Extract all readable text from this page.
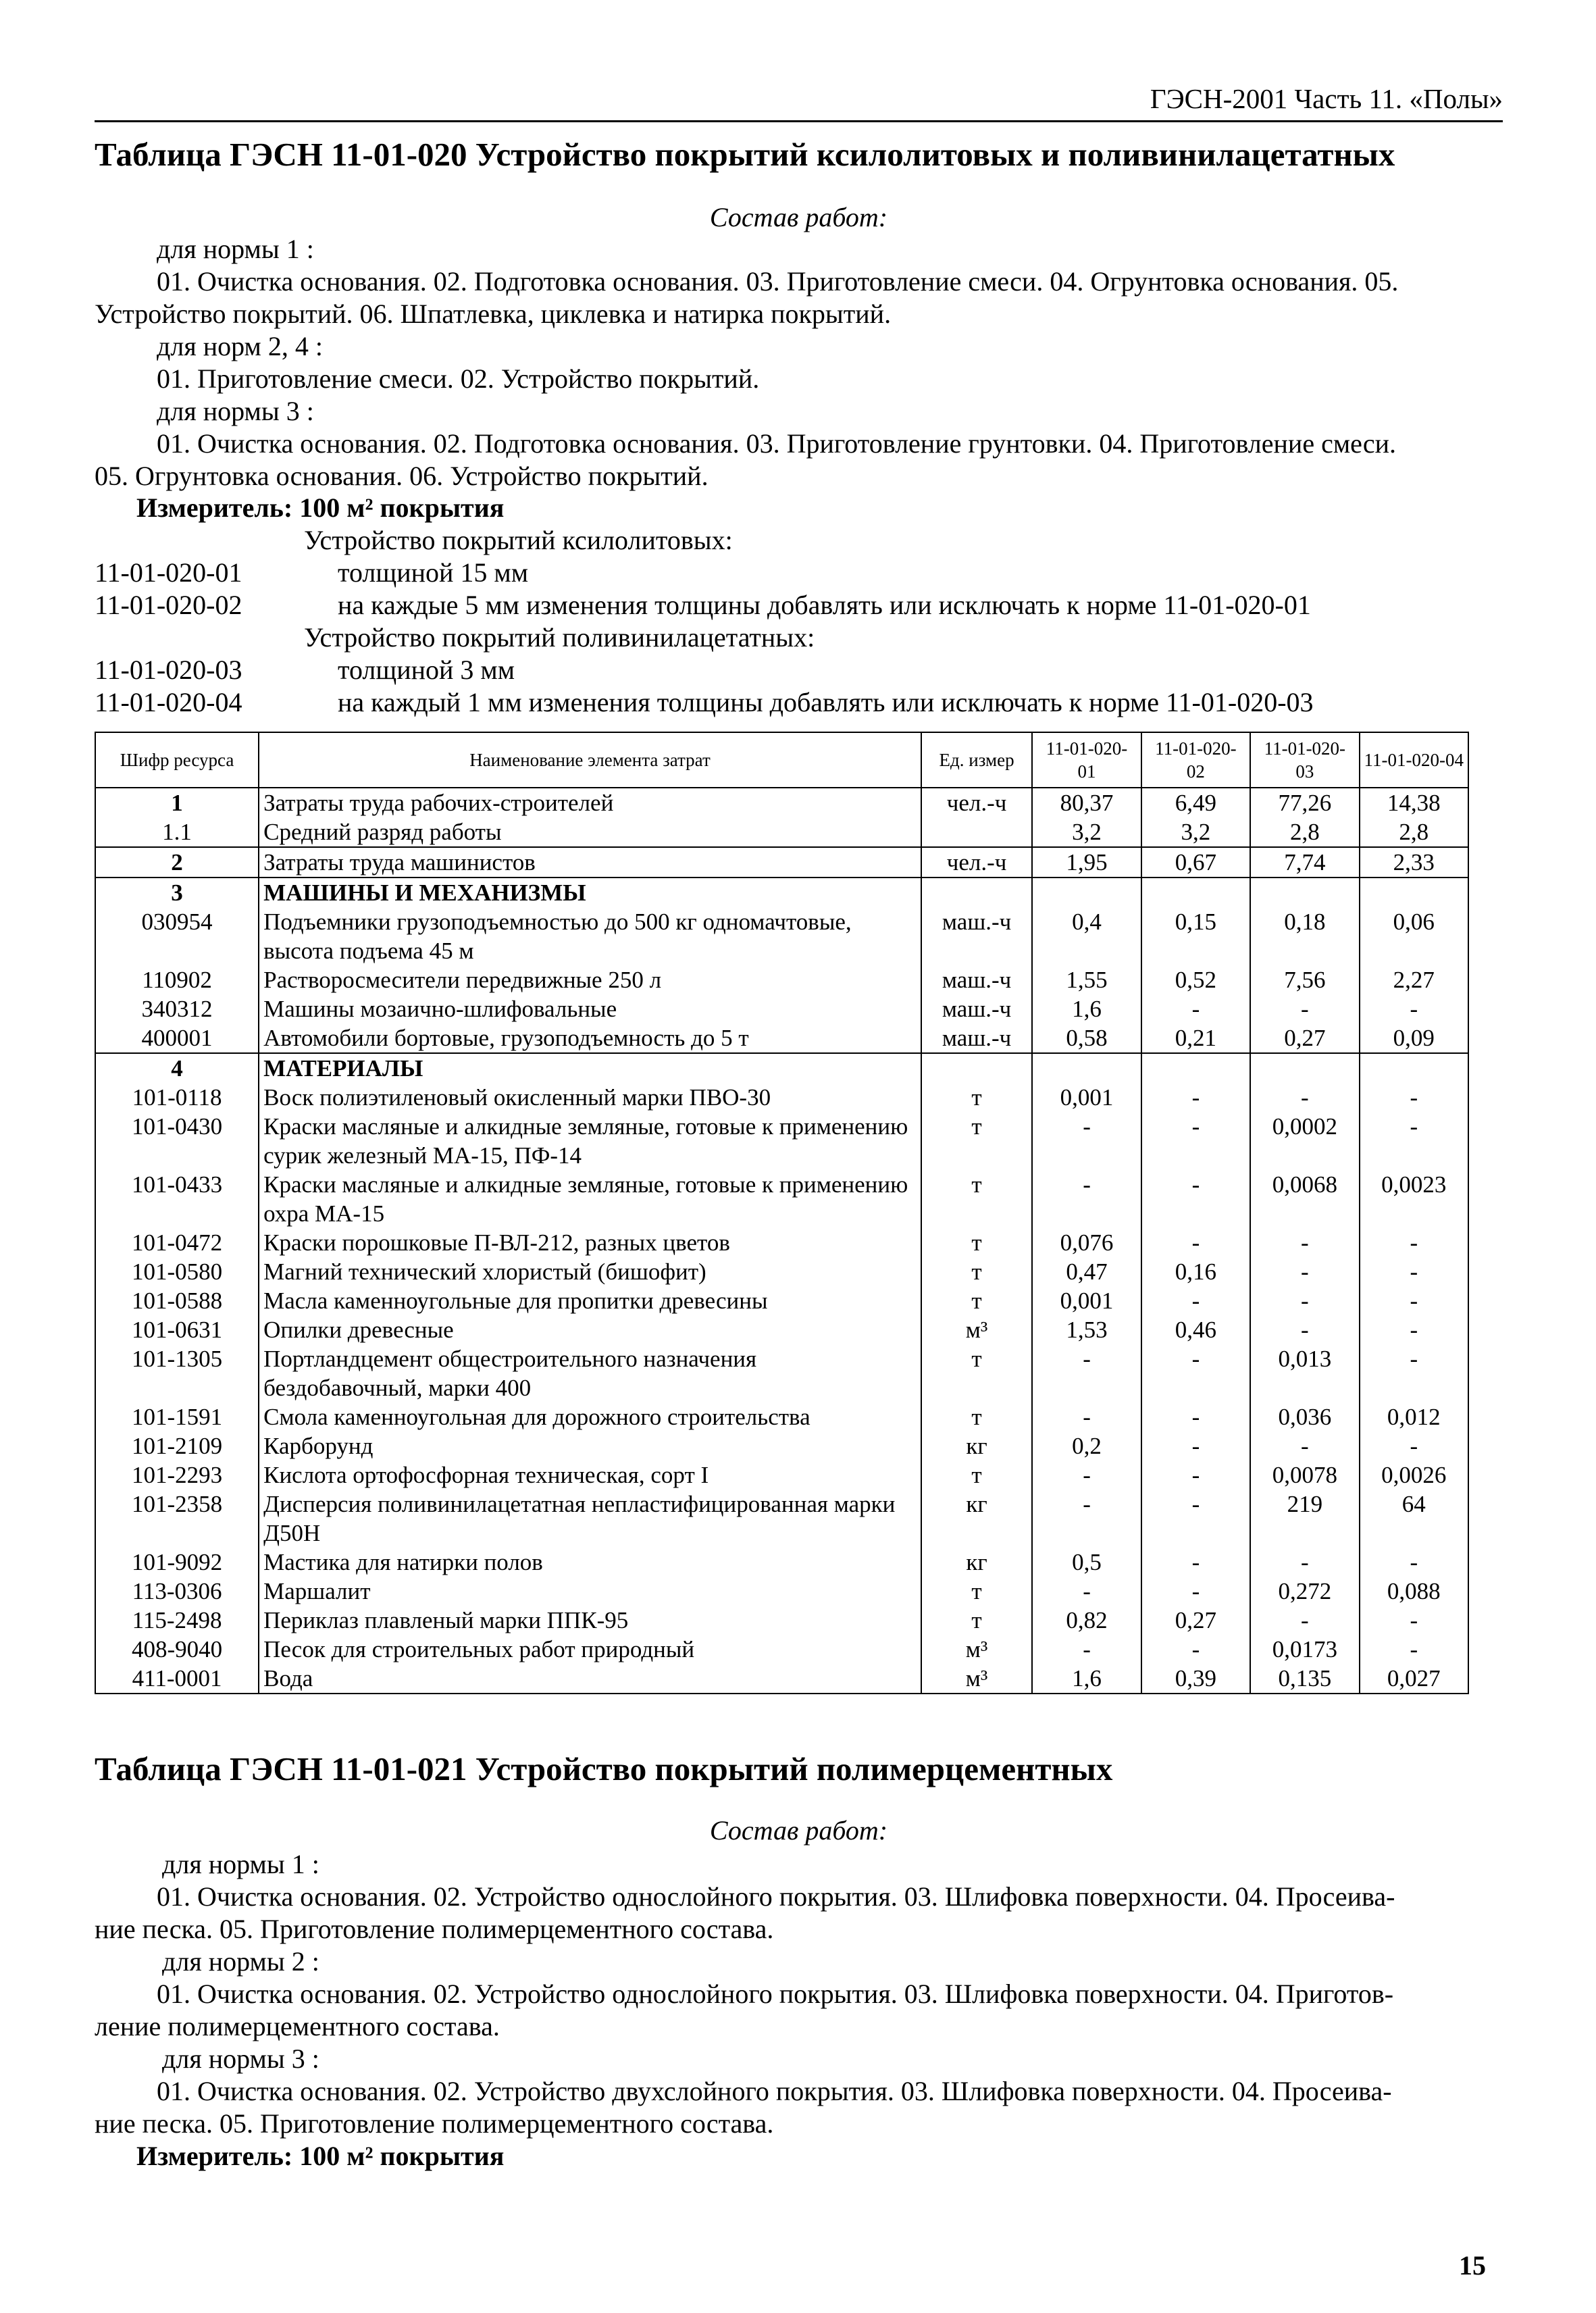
ГЭСН-2001 Часть 11. «Полы»
Таблица ГЭСН 11-01-020 Устройство покрытий ксилолитовых и поливинилацетатных
Состав работ:
для нормы 1 :
01. Очистка основания. 02. Подготовка основания. 03. Приготовление смеси. 04. Огрунтовка основания. 05.
Устройство покрытий. 06. Шпатлевка, циклевка и натирка покрытий.
для норм 2, 4 :
01. Приготовление смеси. 02. Устройство покрытий.
для нормы 3 :
01. Очистка основания. 02. Подготовка основания. 03. Приготовление грунтовки. 04. Приготовление смеси.
05. Огрунтовка основания. 06. Устройство покрытий.
Измеритель: 100 м² покрытия
Устройство покрытий ксилолитовых:
11-01-020-01	толщиной 15 мм
11-01-020-02	на каждые 5 мм изменения толщины добавлять или исключать к норме 11-01-020-01
Устройство покрытий поливинилацетатных:
11-01-020-03	толщиной 3 мм
11-01-020-04	на каждый 1 мм изменения толщины добавлять или исключать к норме 11-01-020-03
Шифр ресурса	Наименование элемента затрат	Ед. измер	11-01-020-01	11-01-020-02	11-01-020-03	11-01-020-04
1	Затраты труда рабочих-строителей	чел.-ч	80,37	6,49	77,26	14,38
1.1	Средний разряд работы		3,2	3,2	2,8	2,8
2	Затраты труда машинистов	чел.-ч	1,95	0,67	7,74	2,33
3	МАШИНЫ И МЕХАНИЗМЫ					
030954	Подъемники грузоподъемностью до 500 кг одномачтовые, высота подъема 45 м	маш.-ч	0,4	0,15	0,18	0,06
110902	Растворосмесители передвижные 250 л	маш.-ч	1,55	0,52	7,56	2,27
340312	Машины мозаично-шлифовальные	маш.-ч	1,6	-	-	-
400001	Автомобили бортовые, грузоподъемность до 5 т	маш.-ч	0,58	0,21	0,27	0,09
4	МАТЕРИАЛЫ					
101-0118	Воск полиэтиленовый окисленный марки ПВО-30	т	0,001	-	-	-
101-0430	Краски масляные и алкидные земляные, готовые к применению сурик железный МА-15, ПФ-14	т	-	-	0,0002	-
101-0433	Краски масляные и алкидные земляные, готовые к применению охра МА-15	т	-	-	0,0068	0,0023
101-0472	Краски порошковые П-ВЛ-212, разных цветов	т	0,076	-	-	-
101-0580	Магний технический хлористый (бишофит)	т	0,47	0,16	-	-
101-0588	Масла каменноугольные для пропитки древесины	т	0,001	-	-	-
101-0631	Опилки древесные	м³	1,53	0,46	-	-
101-1305	Портландцемент общестроительного назначения бездобавочный, марки 400	т	-	-	0,013	-
101-1591	Смола каменноугольная для дорожного строительства	т	-	-	0,036	0,012
101-2109	Карборунд	кг	0,2	-	-	-
101-2293	Кислота ортофосфорная техническая, сорт I	т	-	-	0,0078	0,0026
101-2358	Дисперсия поливинилацетатная непластифицированная марки Д50Н	кг	-	-	219	64
101-9092	Мастика для натирки полов	кг	0,5	-	-	-
113-0306	Маршалит	т	-	-	0,272	0,088
115-2498	Периклаз плавленый марки ППК-95	т	0,82	0,27	-	-
408-9040	Песок для строительных работ природный	м³	-	-	0,0173	-
411-0001	Вода	м³	1,6	0,39	0,135	0,027
Таблица ГЭСН 11-01-021 Устройство покрытий полимерцементных
Состав работ:
для нормы 1 :
01. Очистка основания. 02. Устройство однослойного покрытия. 03. Шлифовка поверхности. 04. Просеива-
ние песка. 05. Приготовление полимерцементного состава.
для нормы 2 :
01. Очистка основания. 02. Устройство однослойного покрытия. 03. Шлифовка поверхности. 04. Приготов-
ление полимерцементного состава.
для нормы 3 :
01. Очистка основания. 02. Устройство двухслойного покрытия. 03. Шлифовка поверхности. 04. Просеива-
ние песка. 05. Приготовление полимерцементного состава.
Измеритель: 100 м² покрытия
15
